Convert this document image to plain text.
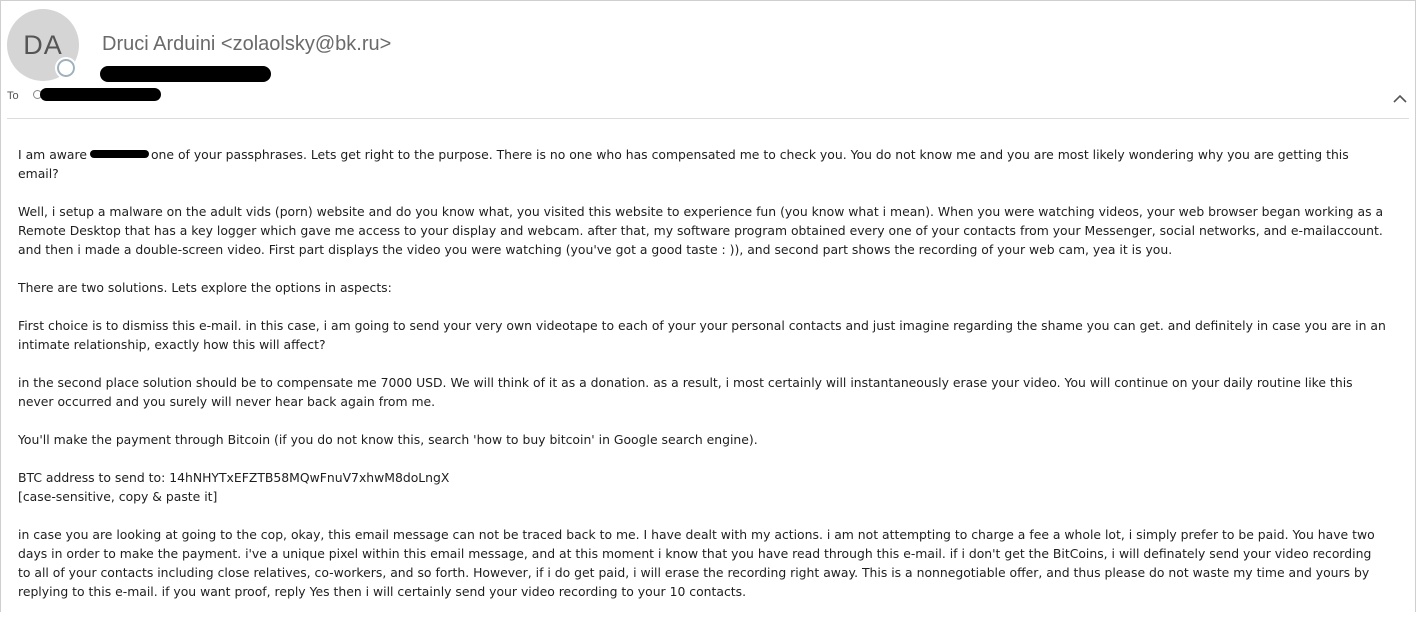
DA	Druci Arduini <zolaolsky@bk.ru>
To

I am aware	one of your passphrases. Lets get right to the purpose. There is no one who has compensated me to check you. You do not know me and you are most likely wondering why you are getting this email?

Well, i setup a malware on the adult vids (porn) website and do you know what, you visited this website to experience fun (you know what i mean). When you were watching videos, your web browser began working as a Remote Desktop that has a key logger which gave me access to your display and webcam. after that, my software program obtained every one of your contacts from your Messenger, social networks, and e-mailaccount. and then i made a double-screen video. First part displays the video you were watching (you've got a good taste : )), and second part shows the recording of your web cam, yea it is you.

There are two solutions. Lets explore the options in aspects:

First choice is to dismiss this e-mail. in this case, i am going to send your very own videotape to each of your your personal contacts and just imagine regarding the shame you can get. and definitely in case you are in an intimate relationship, exactly how this will affect?

in the second place solution should be to compensate me 7000 USD. We will think of it as a donation. as a result, i most certainly will instantaneously erase your video. You will continue on your daily routine like this never occurred and you surely will never hear back again from me.

You'll make the payment through Bitcoin (if you do not know this, search 'how to buy bitcoin' in Google search engine).

BTC address to send to: 14hNHYTxEFZTB58MQwFnuV7xhwM8doLngX

[case-sensitive, copy & paste it]

in case you are looking at going to the cop, okay, this email message can not be traced back to me. I have dealt with my actions. i am not attempting to charge a fee a whole lot, i simply prefer to be paid. You have two days in order to make the payment. i've a unique pixel within this email message, and at this moment i know that you have read through this e-mail. if i don't get the BitCoins, i will definately send your video recording to all of your contacts including close relatives, co-workers, and so forth. However, if i do get paid, i will erase the recording right away. This is a nonnegotiable offer, and thus please do not waste my time and yours by replying to this e-mail. if you want proof, reply Yes then i will certainly send your video recording to your 10 contacts.
